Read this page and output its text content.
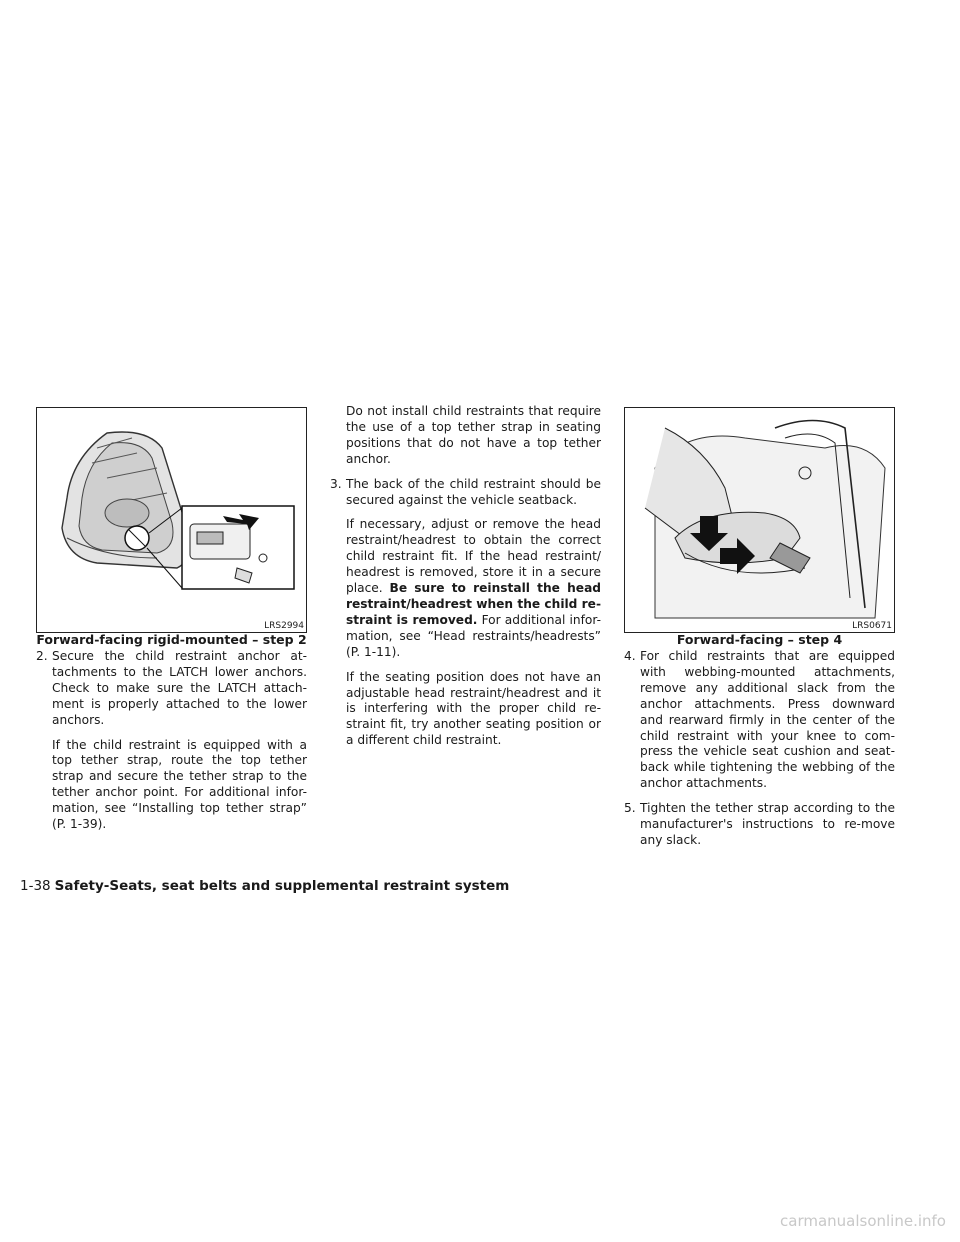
LRS2994
Forward-facing rigid-mounted – step 2
LRS0671
Forward-facing – step 4

2. Secure the child restraint anchor at-tachments to the LATCH lower anchors. Check to make sure the LATCH attach-ment is properly attached to the lower anchors.

If the child restraint is equipped with a top tether strap, route the top tether strap and secure the tether strap to the tether anchor point. For additional infor-mation, see “Installing top tether strap” (P. 1-39).

Do not install child restraints that require the use of a top tether strap in seating positions that do not have a top tether anchor.

3. The back of the child restraint should be secured against the vehicle seatback.

If necessary, adjust or remove the head restraint/headrest to obtain the correct child restraint fit. If the head restraint/ headrest is removed, store it in a secure place. Be sure to reinstall the head restraint/headrest when the child re-straint is removed. For additional infor-mation, see “Head restraints/headrests” (P. 1-11).

If the seating position does not have an adjustable head restraint/headrest and it is interfering with the proper child re-straint fit, try another seating position or a different child restraint.

4. For child restraints that are equipped with webbing-mounted attachments, remove any additional slack from the anchor attachments. Press downward and rearward firmly in the center of the child restraint with your knee to com-press the vehicle seat cushion and seat-back while tightening the webbing of the anchor attachments.

5. Tighten the tether strap according to the manufacturer's instructions to re-move any slack.

1-38 Safety-Seats, seat belts and supplemental restraint system
carmanualsonline.info
